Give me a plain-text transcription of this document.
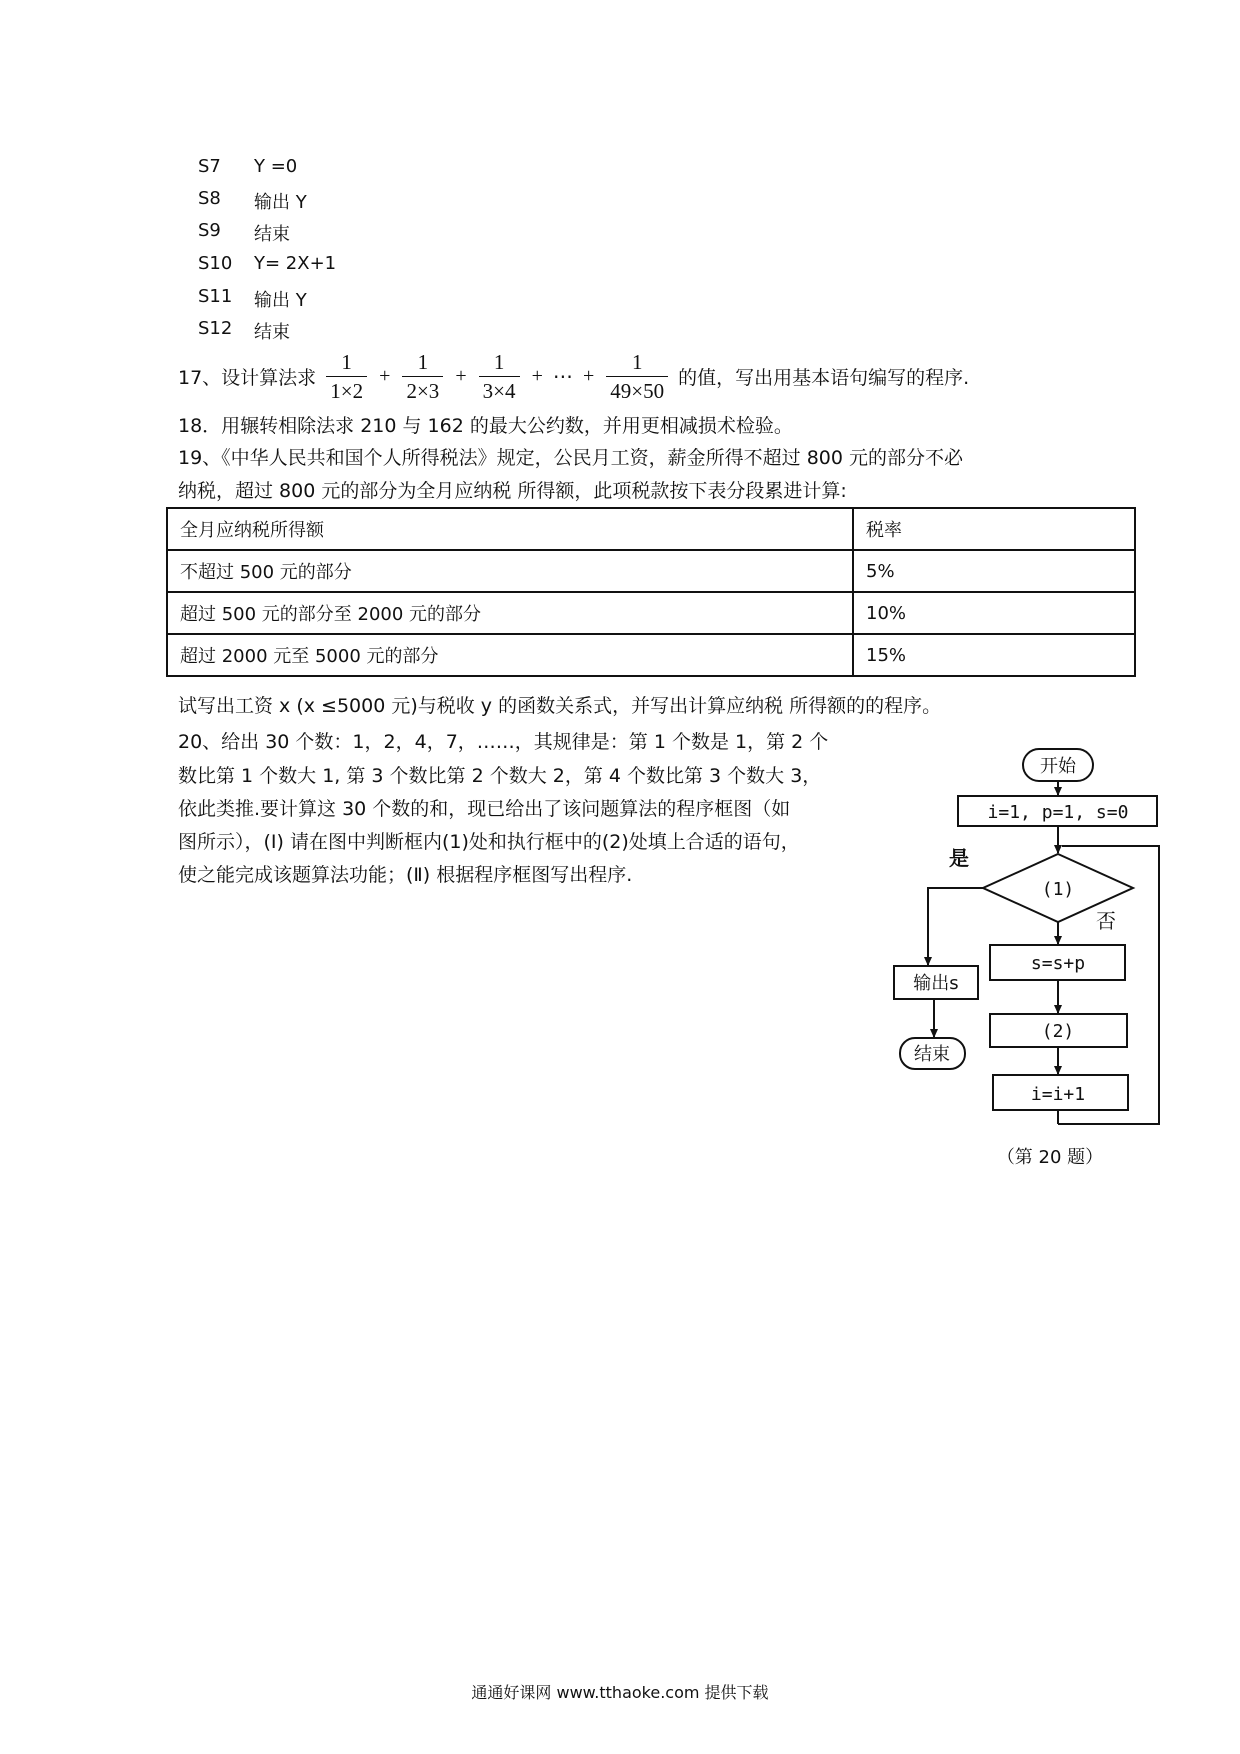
S7 Y =0
S8 输出 Y
S9 结束
S10 Y= 2X+1
S11 输出 Y
S12 结束
17、设计算法求 $\frac{1}{1\times 2} + \frac{1}{2\times 3} + \frac{1}{3\times 4}$ + ⋯ + $\frac{1}{49\times 50}$ 的值，写出用基本语句编写的程序.
18．用辗转相除法求 210 与 162 的最大公约数，并用更相减损术检验。
19、《中华人民共和国个人所得税法》规定，公民月工资，薪金所得不超过 800 元的部分不必
纳税，超过 800 元的部分为全月应纳税 所得额，此项税款按下表分段累进计算:
全月应纳税所得额	税率
不超过 500 元的部分	5%
超过 500 元的部分至 2000 元的部分	10%
超过 2000 元至 5000 元的部分	15%
试写出工资 x (x ≤5000 元)与税收 y 的函数关系式，并写出计算应纳税 所得额的的程序。
20、给出 30 个数：1，2，4，7，……，其规律是：第 1 个数是 1，第 2 个
数比第 1 个数大 1, 第 3 个数比第 2 个数大 2，第 4 个数比第 3 个数大 3，
依此类推.要计算这 30 个数的和，现已给出了该问题算法的程序框图（如
图所示），(Ⅰ) 请在图中判断框内(1)处和执行框中的(2)处填上合适的语句，
使之能完成该题算法功能；(Ⅱ) 根据程序框图写出程序.
开始
i=1, p=1, s=0
(1)
是
否
s=s+p
(2)
i=i+1
输出s
结束
（第 20 题）
通通好课网 www.tthaoke.com 提供下载
